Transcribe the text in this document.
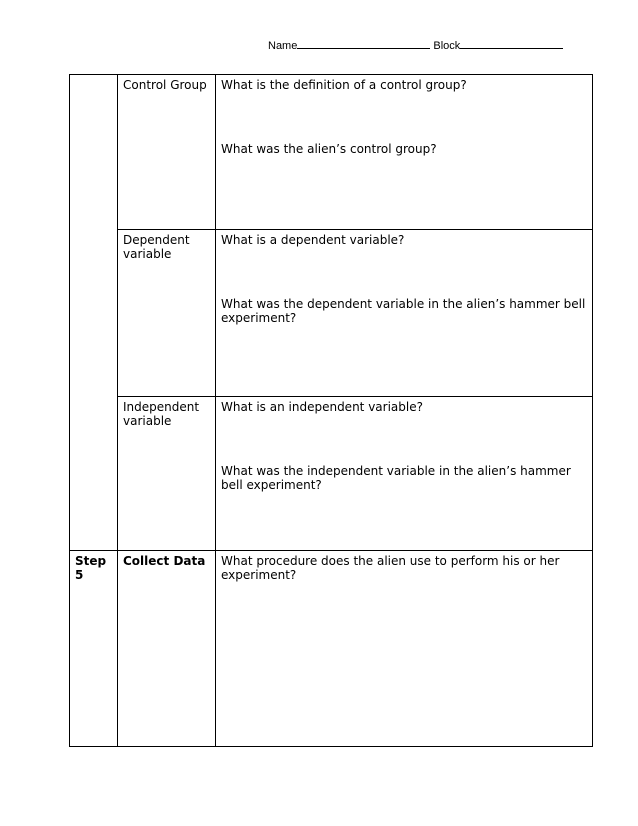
Name	Block
	Control Group	What is the definition of a control group?
What was the alien’s control group?

	Dependent variable	What is a dependent variable?
What was the dependent variable in the alien’s hammer bell experiment?

	Independent variable	What is an independent variable?
What was the independent variable in the alien’s hammer bell experiment?

Step 5	Collect Data	What procedure does the alien use to perform his or her experiment?
